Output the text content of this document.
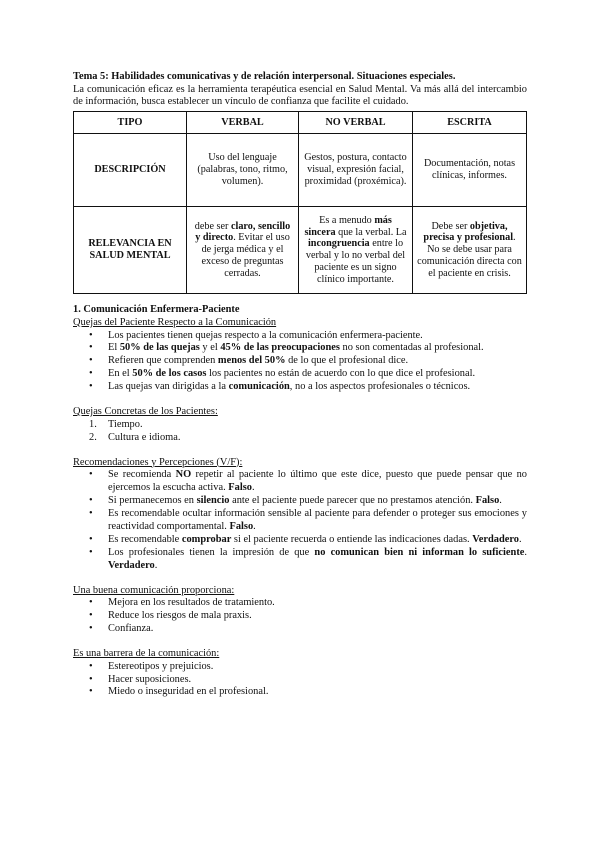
Tema 5: Habilidades comunicativas y de relación interpersonal. Situaciones especiales.

La comunicación eficaz es la herramienta terapéutica esencial en Salud Mental. Va más allá del intercambio de información, busca establecer un vínculo de confianza que facilite el cuidado.

TIPO	VERBAL	NO VERBAL	ESCRITA
DESCRIPCIÓN	Uso del lenguaje (palabras, tono, ritmo, volumen).	Gestos, postura, contacto visual, expresión facial, proximidad (proxémica).	Documentación, notas clínicas, informes.
RELEVANCIA EN SALUD MENTAL	debe ser claro, sencillo y directo. Evitar el uso de jerga médica y el exceso de preguntas cerradas.	Es a menudo más sincera que la verbal. La incongruencia entre lo verbal y lo no verbal del paciente es un signo clínico importante.	Debe ser objetiva, precisa y profesional. No se debe usar para comunicación directa con el paciente en crisis.

1. Comunicación Enfermera-Paciente

Quejas del Paciente Respecto a la Comunicación

• Los pacientes tienen quejas respecto a la comunicación enfermera-paciente.
• El 50% de las quejas y el 45% de las preocupaciones no son comentadas al profesional.
• Refieren que comprenden menos del 50% de lo que el profesional dice.
• En el 50% de los casos los pacientes no están de acuerdo con lo que dice el profesional.
• Las quejas van dirigidas a la comunicación, no a los aspectos profesionales o técnicos.

Quejas Concretas de los Pacientes:

1. Tiempo.
2. Cultura e idioma.

Recomendaciones y Percepciones (V/F):

• Se recomienda NO repetir al paciente lo último que este dice, puesto que puede pensar que no ejercemos la escucha activa. Falso.
• Si permanecemos en silencio ante el paciente puede parecer que no prestamos atención. Falso.
• Es recomendable ocultar información sensible al paciente para defender o proteger sus emociones y reactividad comportamental. Falso.
• Es recomendable comprobar si el paciente recuerda o entiende las indicaciones dadas. Verdadero.
• Los profesionales tienen la impresión de que no comunican bien ni informan lo suficiente. Verdadero.

Una buena comunicación proporciona:

• Mejora en los resultados de tratamiento.
• Reduce los riesgos de mala praxis.
• Confianza.

Es una barrera de la comunicación:

• Estereotipos y prejuicios.
• Hacer suposiciones.
• Miedo o inseguridad en el profesional.
